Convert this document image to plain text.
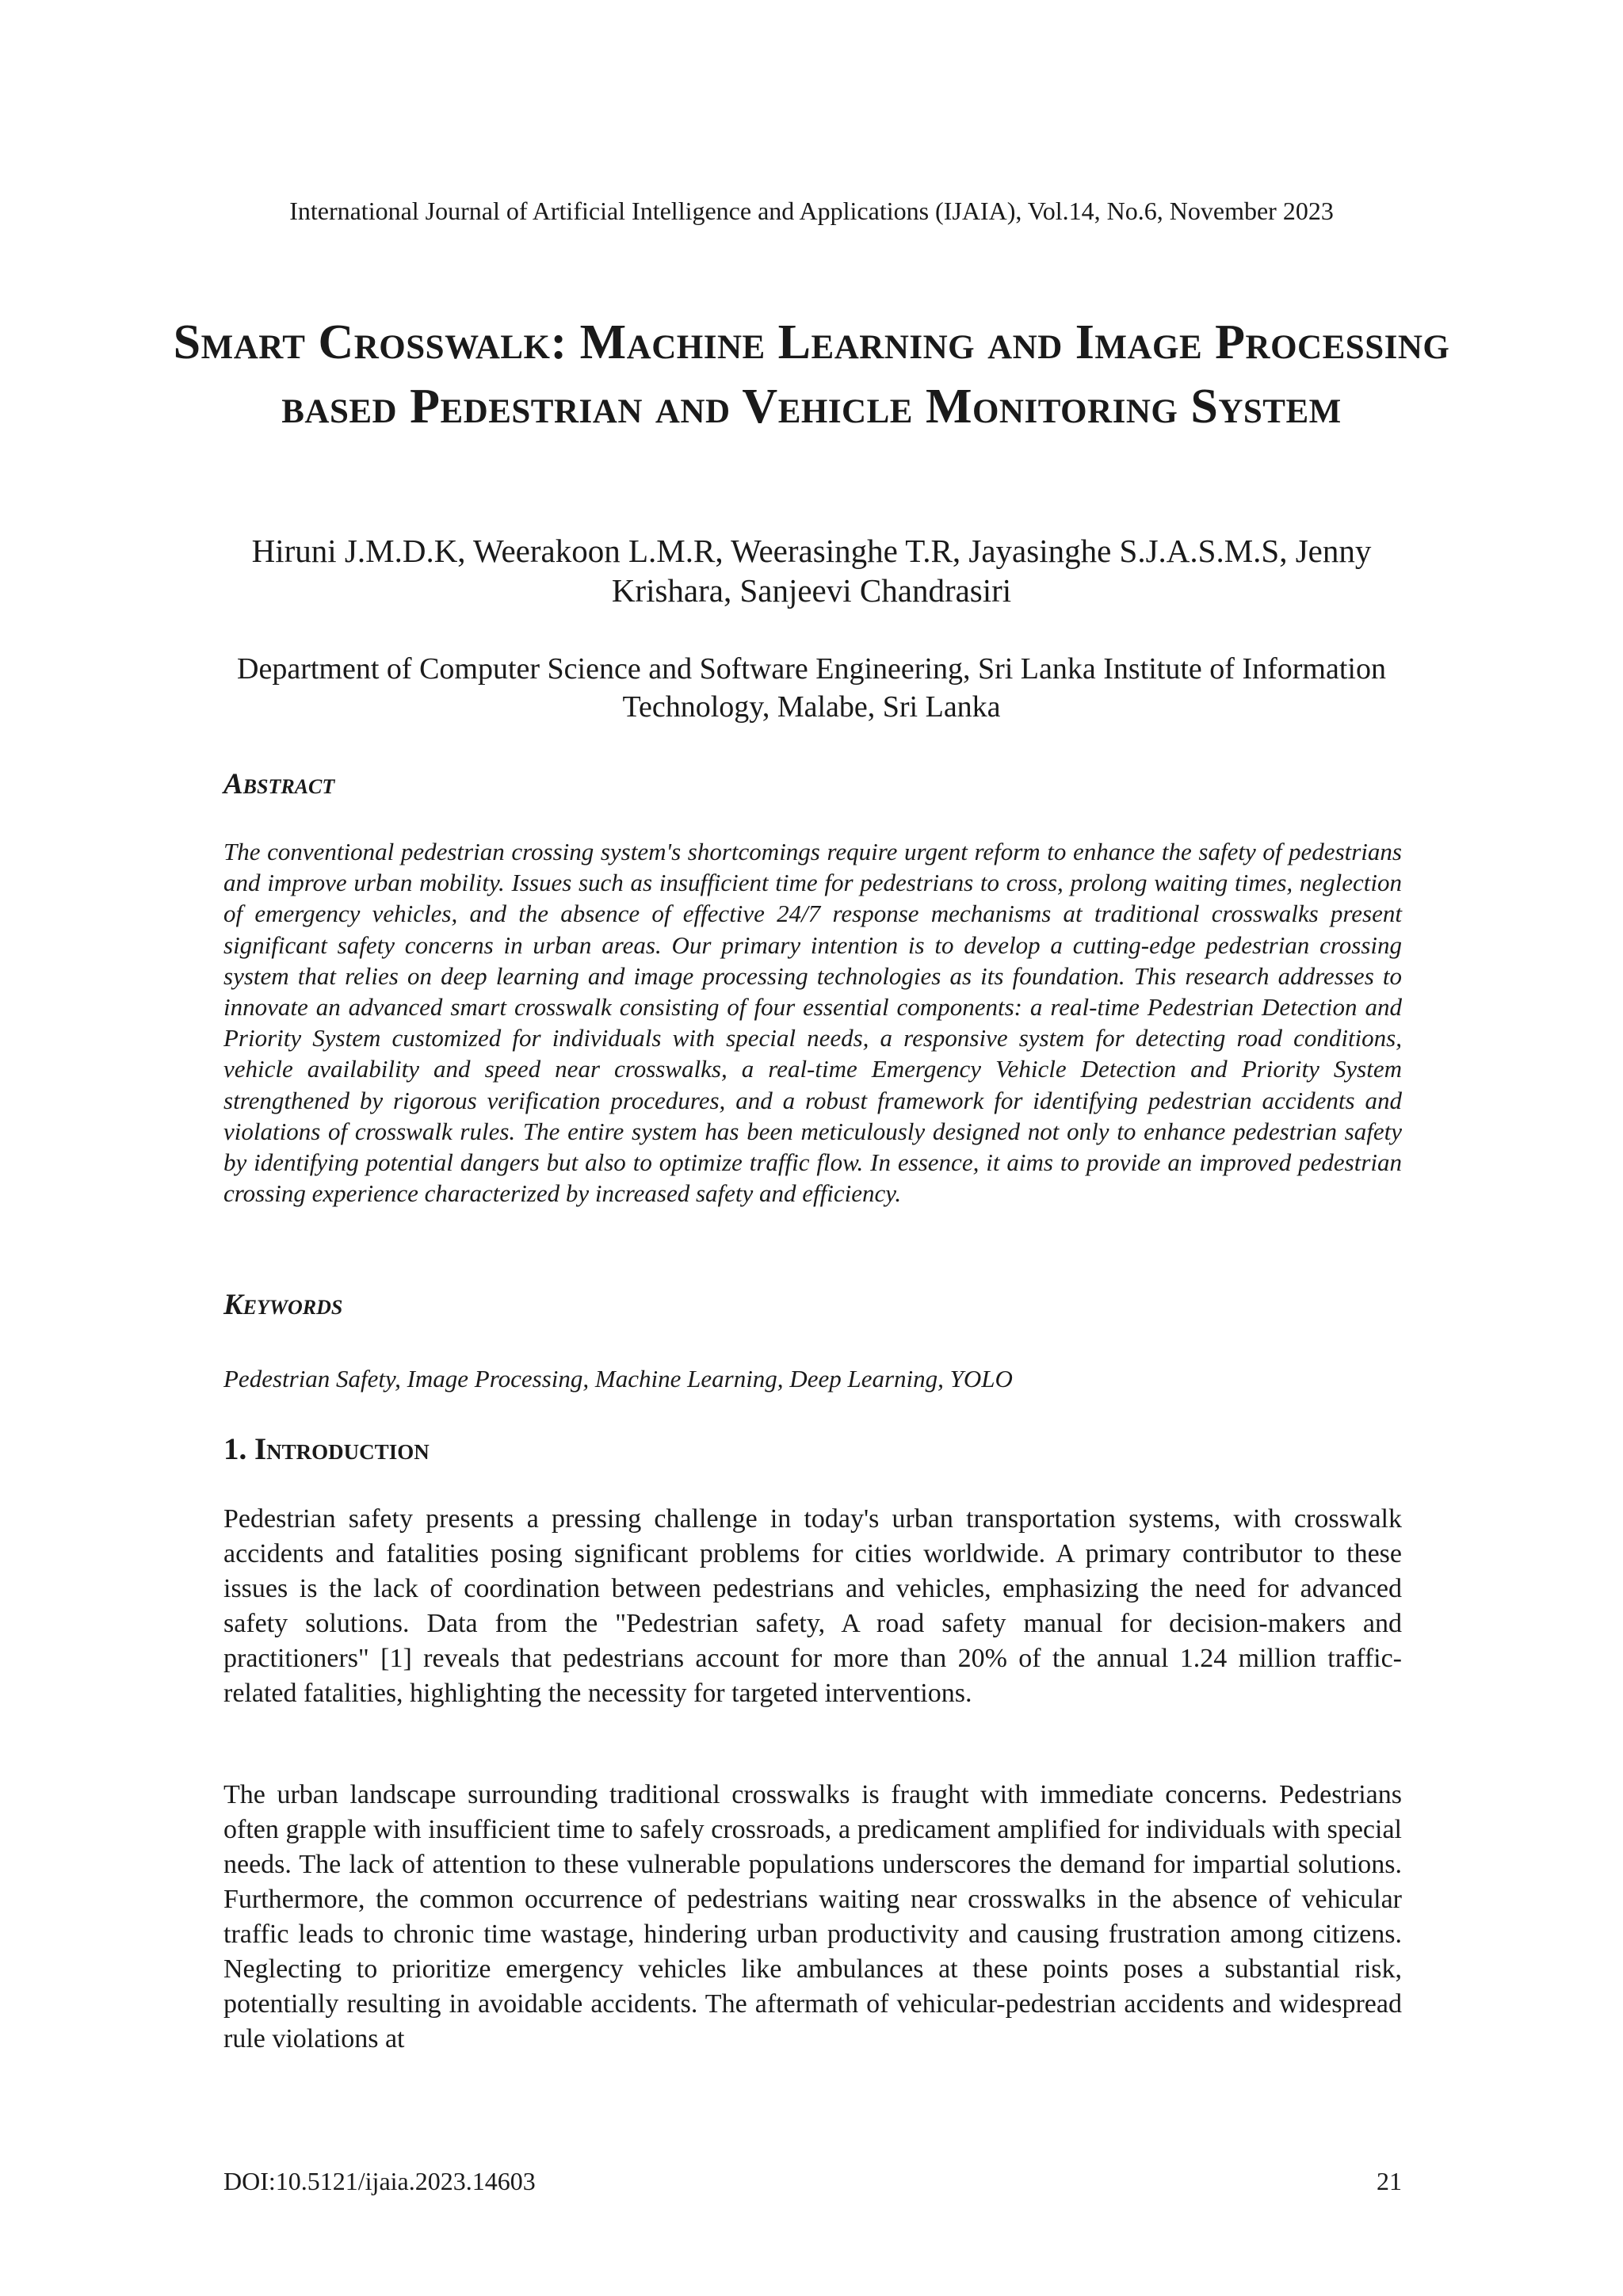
International Journal of Artificial Intelligence and Applications (IJAIA), Vol.14, No.6, November 2023
Smart Crosswalk: Machine Learning and Image Processing based Pedestrian and Vehicle Monitoring System
Hiruni J.M.D.K, Weerakoon L.M.R, Weerasinghe T.R, Jayasinghe S.J.A.S.M.S, Jenny Krishara, Sanjeevi Chandrasiri
Department of Computer Science and Software Engineering, Sri Lanka Institute of Information Technology, Malabe, Sri Lanka
Abstract
The conventional pedestrian crossing system's shortcomings require urgent reform to enhance the safety of pedestrians and improve urban mobility. Issues such as insufficient time for pedestrians to cross, prolong waiting times, neglection of emergency vehicles, and the absence of effective 24/7 response mechanisms at traditional crosswalks present significant safety concerns in urban areas. Our primary intention is to develop a cutting-edge pedestrian crossing system that relies on deep learning and image processing technologies as its foundation. This research addresses to innovate an advanced smart crosswalk consisting of four essential components: a real-time Pedestrian Detection and Priority System customized for individuals with special needs, a responsive system for detecting road conditions, vehicle availability and speed near crosswalks, a real-time Emergency Vehicle Detection and Priority System strengthened by rigorous verification procedures, and a robust framework for identifying pedestrian accidents and violations of crosswalk rules. The entire system has been meticulously designed not only to enhance pedestrian safety by identifying potential dangers but also to optimize traffic flow. In essence, it aims to provide an improved pedestrian crossing experience characterized by increased safety and efficiency.
Keywords
Pedestrian Safety, Image Processing, Machine Learning, Deep Learning, YOLO
1. Introduction
Pedestrian safety presents a pressing challenge in today's urban transportation systems, with crosswalk accidents and fatalities posing significant problems for cities worldwide. A primary contributor to these issues is the lack of coordination between pedestrians and vehicles, emphasizing the need for advanced safety solutions. Data from the "Pedestrian safety, A road safety manual for decision-makers and practitioners" [1] reveals that pedestrians account for more than 20% of the annual 1.24 million traffic-related fatalities, highlighting the necessity for targeted interventions.
The urban landscape surrounding traditional crosswalks is fraught with immediate concerns. Pedestrians often grapple with insufficient time to safely crossroads, a predicament amplified for individuals with special needs. The lack of attention to these vulnerable populations underscores the demand for impartial solutions. Furthermore, the common occurrence of pedestrians waiting near crosswalks in the absence of vehicular traffic leads to chronic time wastage, hindering urban productivity and causing frustration among citizens. Neglecting to prioritize emergency vehicles like ambulances at these points poses a substantial risk, potentially resulting in avoidable accidents. The aftermath of vehicular-pedestrian accidents and widespread rule violations at
DOI:10.5121/ijaia.2023.14603	21
